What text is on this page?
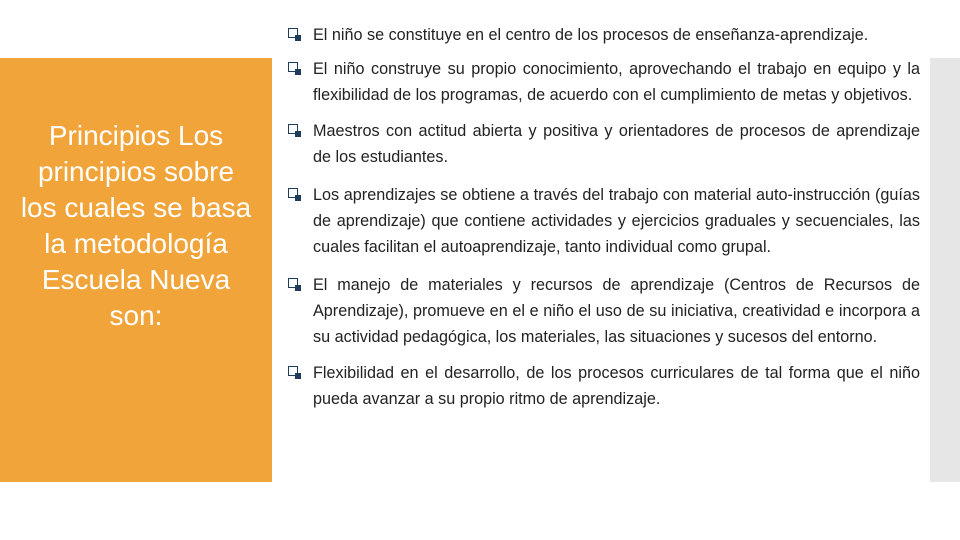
Principios Los principios sobre los cuales se basa la metodología Escuela Nueva son:
El niño se constituye en el centro de los procesos de enseñanza-aprendizaje.
El niño construye su propio conocimiento, aprovechando el trabajo en equipo y la flexibilidad de los programas, de acuerdo con el cumplimiento de metas y objetivos.
Maestros con actitud abierta y positiva y orientadores de procesos de aprendizaje de los estudiantes.
Los aprendizajes se obtiene a través del trabajo con material auto-instrucción (guías de aprendizaje) que contiene actividades y ejercicios graduales y secuenciales, las cuales facilitan el autoaprendizaje, tanto individual como grupal.
El manejo de materiales y recursos de aprendizaje (Centros de Recursos de Aprendizaje), promueve en el e niño el uso de su iniciativa, creatividad e incorpora a su actividad pedagógica, los materiales, las situaciones y sucesos del entorno.
Flexibilidad en el desarrollo, de los procesos curriculares de tal forma que el niño pueda avanzar a su propio ritmo de aprendizaje.
